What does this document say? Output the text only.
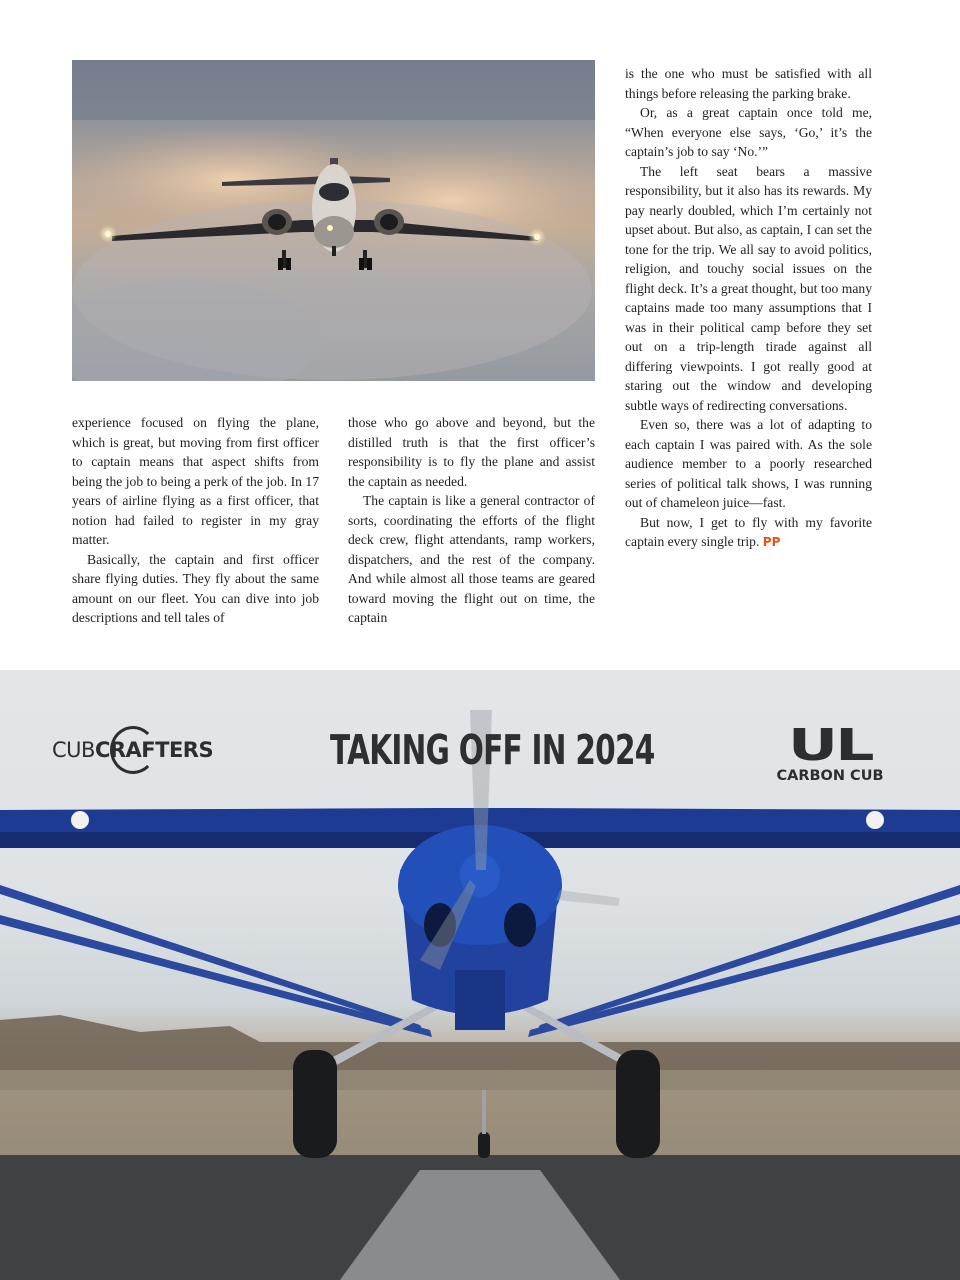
experience focused on flying the plane, which is great, but moving from first officer to captain means that aspect shifts from being the job to being a perk of the job. In 17 years of airline flying as a first officer, that notion had failed to register in my gray matter.

Basically, the captain and first officer share flying duties. They fly about the same amount on our fleet. You can dive into job descriptions and tell tales of

those who go above and beyond, but the distilled truth is that the first officer’s responsibility is to fly the plane and assist the captain as needed.

The captain is like a general contractor of sorts, coordinating the efforts of the flight deck crew, flight attendants, ramp workers, dispatchers, and the rest of the company. And while almost all those teams are geared toward moving the flight out on time, the captain

is the one who must be satisfied with all things before releasing the parking brake.

Or, as a great captain once told me, “When everyone else says, ‘Go,’ it’s the captain’s job to say ‘No.’”

The left seat bears a massive responsibility, but it also has its rewards. My pay nearly doubled, which I’m certainly not upset about. But also, as captain, I can set the tone for the trip. We all say to avoid politics, religion, and touchy social issues on the flight deck. It’s a great thought, but too many captains made too many assumptions that I was in their political camp before they set out on a trip-length tirade against all differing viewpoints. I got really good at staring out the window and developing subtle ways of redirecting conversations.

Even so, there was a lot of adapting to each captain I was paired with. As the sole audience member to a poorly researched series of political talk shows, I was running out of chameleon juice—fast.

But now, I get to fly with my favorite captain every single trip. PP

CUBCRAFTERS	TAKING OFF IN 2024	UL
CARBON CUB
